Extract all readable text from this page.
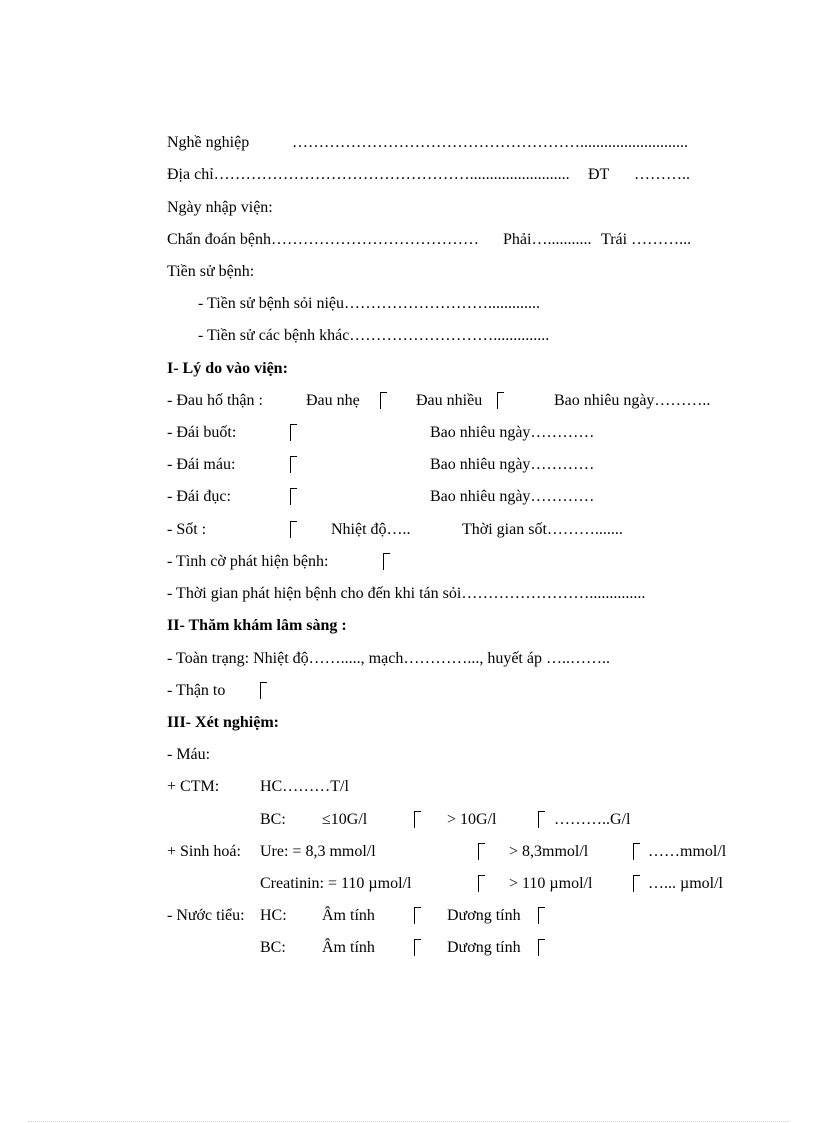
Nghề nghiệp	………………………………………………...........................
Địa chỉ…………………………………………......................... ĐT ………..
Ngày nhập viện:
Chẩn đoán bệnh………………………………… Phải…........... Trái ………...
Tiền sử bệnh:
- Tiền sử bệnh sỏi niệu……………………….............
- Tiền sử các bệnh khác………………………..............
I- Lý do vào viện:
- Đau hố thận :	Đau nhẹ	Đau nhiều	Bao nhiêu ngày………..
- Đái buốt:	Bao nhiêu ngày…………
- Đái máu:	Bao nhiêu ngày…………
- Đái đục:	Bao nhiêu ngày…………
- Sốt :	Nhiệt độ…..	Thời gian sốt……….......
- Tình cờ phát hiện bệnh:
- Thời gian phát hiện bệnh cho đến khi tán sỏi……………………..............
II- Thăm khám lâm sàng :
- Toàn trạng: Nhiệt độ……....., mạch…………..., huyết áp …..……..
- Thận to
III- Xét nghiệm:
- Máu:
+ CTM:	HC………T/l
BC: ≤10G/l	> 10G/l	………..G/l
+ Sinh hoá: Ure: = 8,3 mmol/l	> 8,3mmol/l	……mmol/l
Creatinin: = 110 µmol/l	> 110 µmol/l	…... µmol/l
- Nước tiểu: HC: Âm tính	Dương tính
BC: Âm tính	Dương tính
